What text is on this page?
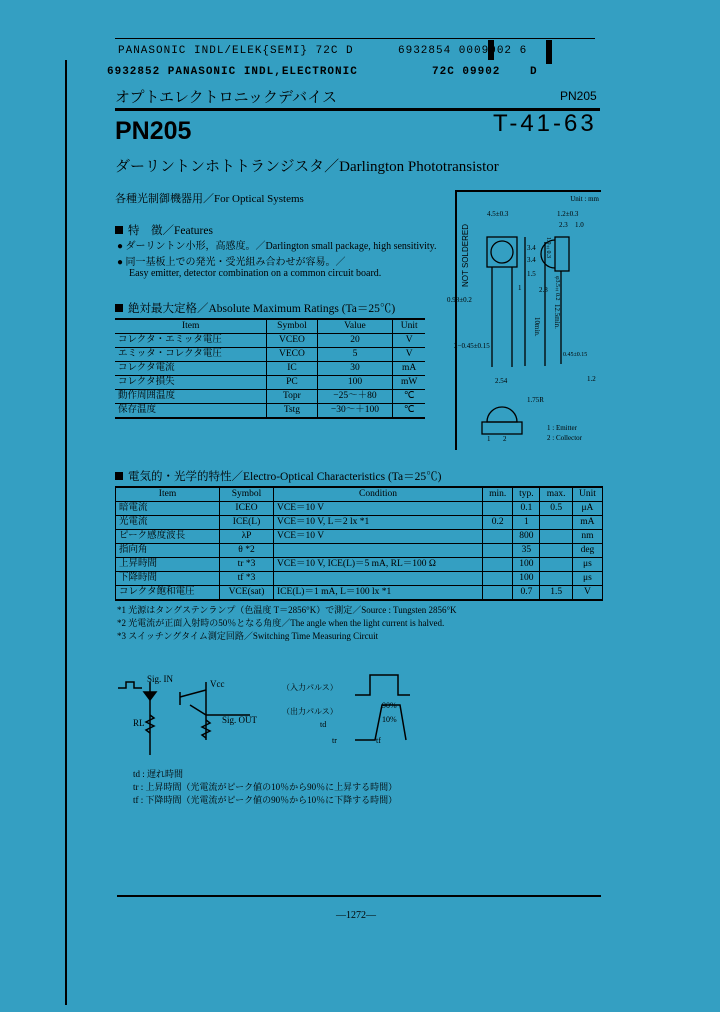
PANASONIC INDL/ELEK{SEMI} 72C D	6932854 0009902 6
6932852 PANASONIC INDL,ELECTRONIC	72C 09902	D
オプトエレクトロニックデバイス	PN205
PN205	T-41-63
ダーリントンホトトランジスタ／Darlington Phototransistor
各種光制御機器用／For Optical Systems
特　徴／Features
● ダーリントン小形，高感度。／Darlington small package, high sensitivity.
● 同一基板上での発光・受光組み合わせが容易。／
Easy emitter, detector combination on a common circuit board.
絶対最大定格／Absolute Maximum Ratings (Ta＝25℃)
Item	Symbol	Value	Unit
コレクタ・エミッタ電圧	VCEO	20	V
エミッタ・コレクタ電圧	VECO	5	V
コレクタ電流	IC	30	mA
コレクタ損失	PC	100	mW
動作周囲温度	Topr	−25～＋80	℃
保存温度	Tstg	−30～＋100	℃
Unit : mm
NOT SOLDERED
4.5±0.3	1.2±0.3
2.3 1.0
3.4
3.4
1.9±0.3
φ3.5±0.2
2.8
1.5
1
0.98±0.2
10min. 12.5min.
2−0.45±0.15
2.54
0.45±0.15
1.2
1.75R
1 2
1 : Emitter
2 : Collector
電気的・光学的特性／Electro-Optical Characteristics (Ta＝25℃)
Item	Symbol	Condition	min.	typ.	max.	Unit
暗電流	ICEO	VCE＝10 V		0.1	0.5	μA
光電流	ICE(L)	VCE＝10 V, L＝2 lx *1	0.2	1		mA
ピーク感度波長	λP	VCE＝10 V		800		nm
指向角	θ *2			35		deg
上昇時間	tr *3	VCE＝10 V, ICE(L)＝5 mA, RL＝100 Ω		100		μs
下降時間	tf *3			100		μs
コレクタ飽和電圧	VCE(sat)	ICE(L)＝1 mA, L＝100 lx *1		0.7	1.5	V
*1 光源はタングステンランプ（色温度 T＝2856°K）で測定／Source : Tungsten 2856°K
*2 光電流が正面入射時の50％となる角度／The angle when the light current is halved.
*3 スイッチングタイム測定回路／Switching Time Measuring Circuit
Sig. IN	Vcc
Sig. OUT
RL
（入力パルス）
（出力パルス）
90%
10%
td
tr	tf
td : 遅れ時間
tr : 上昇時間（光電流がピーク値の10％から90％に上昇する時間）
tf : 下降時間（光電流がピーク値の90％から10％に下降する時間）
—1272—
